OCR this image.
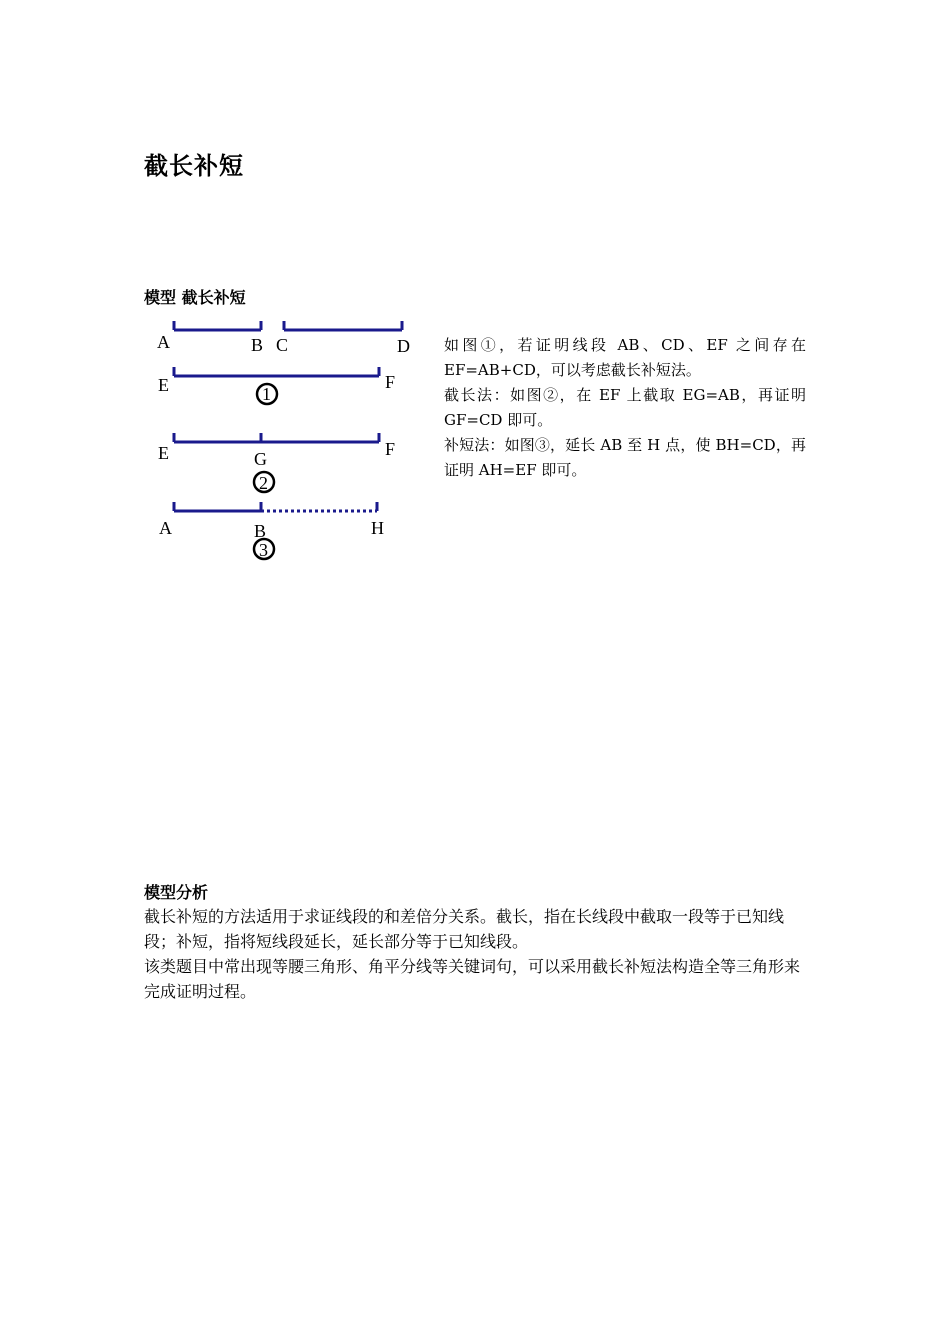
截长补短
模型 截长补短
A	B C	D
E	F
1
E	G	F
2
A	B	H
3

如图①，若证明线段 AB、CD、EF 之间存在 EF=AB+CD，可以考虑截长补短法。

截长法：如图②，在 EF 上截取 EG=AB，再证明 GF=CD 即可。

补短法：如图③，延长 AB 至 H 点，使 BH=CD，再证明 AH=EF 即可。

模型分析

截长补短的方法适用于求证线段的和差倍分关系。截长，指在长线段中截取一段等于已知线段；补短，指将短线段延长，延长部分等于已知线段。

该类题目中常出现等腰三角形、角平分线等关键词句，可以采用截长补短法构造全等三角形来完成证明过程。
